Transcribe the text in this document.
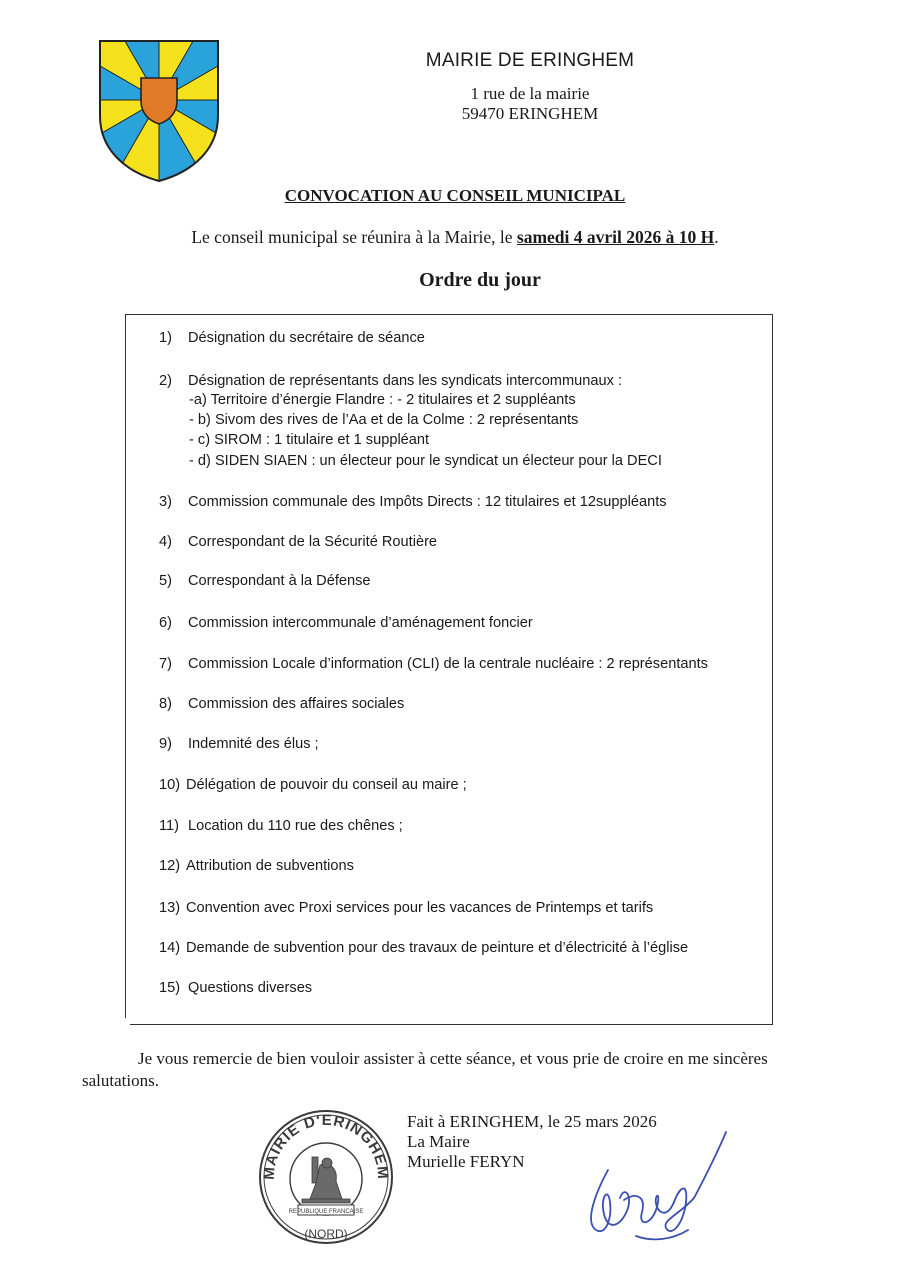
MAIRIE DE ERINGHEM
1 rue de la mairie
59470 ERINGHEM
CONVOCATION AU CONSEIL MUNICIPAL
Le conseil municipal se réunira à la Mairie, le samedi 4 avril 2026 à 10 H.
Ordre du jour
1) Désignation du secrétaire de séance
2) Désignation de représentants dans les syndicats intercommunaux :
-a) Territoire d’énergie Flandre : - 2 titulaires et 2 suppléants
- b) Sivom des rives de l’Aa et de la Colme : 2 représentants
- c) SIROM : 1 titulaire et 1 suppléant
- d) SIDEN SIAEN : un électeur pour le syndicat un électeur pour la DECI
3) Commission communale des Impôts Directs : 12 titulaires et 12suppléants
4) Correspondant de la Sécurité Routière
5) Correspondant à la Défense
6) Commission intercommunale d’aménagement foncier
7) Commission Locale d’information (CLI) de la centrale nucléaire : 2 représentants
8) Commission des affaires sociales
9) Indemnité des élus ;
10) Délégation de pouvoir du conseil au maire ;
11) Location du 110 rue des chênes ;
12) Attribution de subventions
13) Convention avec Proxi services pour les vacances de Printemps et tarifs
14) Demande de subvention pour des travaux de peinture et d’électricité à l’église
15) Questions diverses
Je vous remercie de bien vouloir assister à cette séance, et vous prie de croire en me sincères salutations.
MAIRIE D'ERINGHEM
REPUBLIQUE FRANCAISE
(NORD)
Fait à ERINGHEM, le 25 mars 2026
La Maire
Murielle FERYN
